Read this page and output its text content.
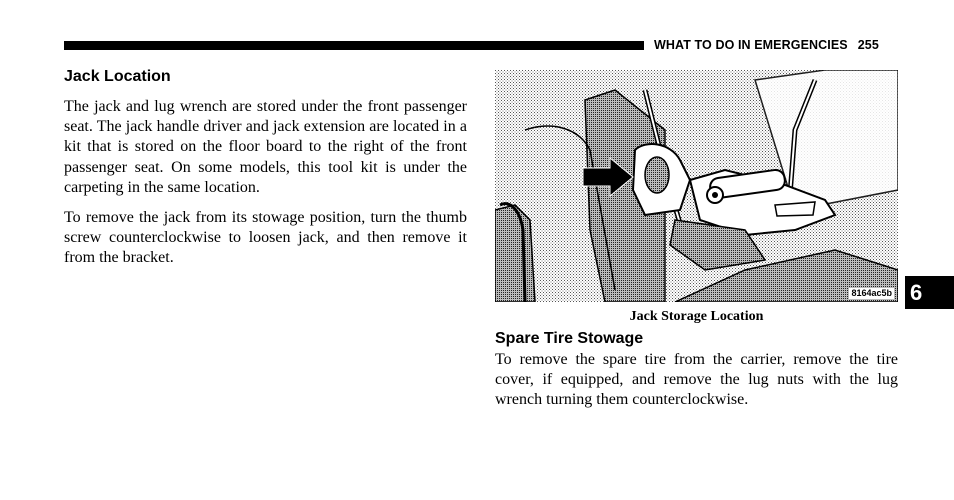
WHAT TO DO IN EMERGENCIES 255
Jack Location

The jack and lug wrench are stored under the front passenger seat. The jack handle driver and jack extension are located in a kit that is stored on the floor board to the right of the front passenger seat. On some models, this tool kit is under the carpeting in the same location.

To remove the jack from its stowage position, turn the thumb screw counterclockwise to loosen jack, and then remove it from the bracket.

8164ac5b
Jack Storage Location
Spare Tire Stowage

To remove the spare tire from the carrier, remove the tire cover, if equipped, and remove the lug nuts with the lug wrench turning them counterclockwise.

6
